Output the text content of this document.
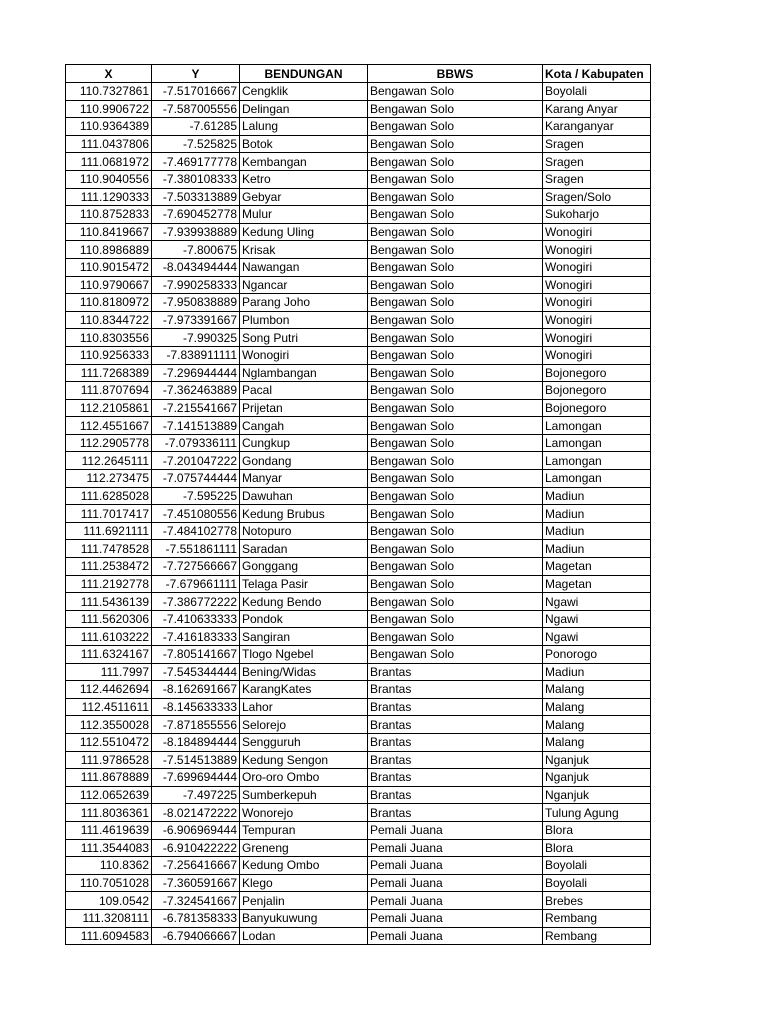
X	Y	BENDUNGAN	BBWS	Kota / Kabupaten
110.7327861	-7.517016667	Cengklik	Bengawan Solo	Boyolali
110.9906722	-7.587005556	Delingan	Bengawan Solo	Karang Anyar
110.9364389	-7.61285	Lalung	Bengawan Solo	Karanganyar
111.0437806	-7.525825	Botok	Bengawan Solo	Sragen
111.0681972	-7.469177778	Kembangan	Bengawan Solo	Sragen
110.9040556	-7.380108333	Ketro	Bengawan Solo	Sragen
111.1290333	-7.503313889	Gebyar	Bengawan Solo	Sragen/Solo
110.8752833	-7.690452778	Mulur	Bengawan Solo	Sukoharjo
110.8419667	-7.939938889	Kedung Uling	Bengawan Solo	Wonogiri
110.8986889	-7.800675	Krisak	Bengawan Solo	Wonogiri
110.9015472	-8.043494444	Nawangan	Bengawan Solo	Wonogiri
110.9790667	-7.990258333	Ngancar	Bengawan Solo	Wonogiri
110.8180972	-7.950838889	Parang Joho	Bengawan Solo	Wonogiri
110.8344722	-7.973391667	Plumbon	Bengawan Solo	Wonogiri
110.8303556	-7.990325	Song Putri	Bengawan Solo	Wonogiri
110.9256333	-7.838911111	Wonogiri	Bengawan Solo	Wonogiri
111.7268389	-7.296944444	Nglambangan	Bengawan Solo	Bojonegoro
111.8707694	-7.362463889	Pacal	Bengawan Solo	Bojonegoro
112.2105861	-7.215541667	Prijetan	Bengawan Solo	Bojonegoro
112.4551667	-7.141513889	Cangah	Bengawan Solo	Lamongan
112.2905778	-7.079336111	Cungkup	Bengawan Solo	Lamongan
112.2645111	-7.201047222	Gondang	Bengawan Solo	Lamongan
112.273475	-7.075744444	Manyar	Bengawan Solo	Lamongan
111.6285028	-7.595225	Dawuhan	Bengawan Solo	Madiun
111.7017417	-7.451080556	Kedung Brubus	Bengawan Solo	Madiun
111.6921111	-7.484102778	Notopuro	Bengawan Solo	Madiun
111.7478528	-7.551861111	Saradan	Bengawan Solo	Madiun
111.2538472	-7.727566667	Gonggang	Bengawan Solo	Magetan
111.2192778	-7.679661111	Telaga Pasir	Bengawan Solo	Magetan
111.5436139	-7.386772222	Kedung Bendo	Bengawan Solo	Ngawi
111.5620306	-7.410633333	Pondok	Bengawan Solo	Ngawi
111.6103222	-7.416183333	Sangiran	Bengawan Solo	Ngawi
111.6324167	-7.805141667	Tlogo Ngebel	Bengawan Solo	Ponorogo
111.7997	-7.545344444	Bening/Widas	Brantas	Madiun
112.4462694	-8.162691667	KarangKates	Brantas	Malang
112.4511611	-8.145633333	Lahor	Brantas	Malang
112.3550028	-7.871855556	Selorejo	Brantas	Malang
112.5510472	-8.184894444	Sengguruh	Brantas	Malang
111.9786528	-7.514513889	Kedung Sengon	Brantas	Nganjuk
111.8678889	-7.699694444	Oro-oro Ombo	Brantas	Nganjuk
112.0652639	-7.497225	Sumberkepuh	Brantas	Nganjuk
111.8036361	-8.021472222	Wonorejo	Brantas	Tulung Agung
111.4619639	-6.906969444	Tempuran	Pemali Juana	Blora
111.3544083	-6.910422222	Greneng	Pemali Juana	Blora
110.8362	-7.256416667	Kedung Ombo	Pemali Juana	Boyolali
110.7051028	-7.360591667	Klego	Pemali Juana	Boyolali
109.0542	-7.324541667	Penjalin	Pemali Juana	Brebes
111.3208111	-6.781358333	Banyukuwung	Pemali Juana	Rembang
111.6094583	-6.794066667	Lodan	Pemali Juana	Rembang
